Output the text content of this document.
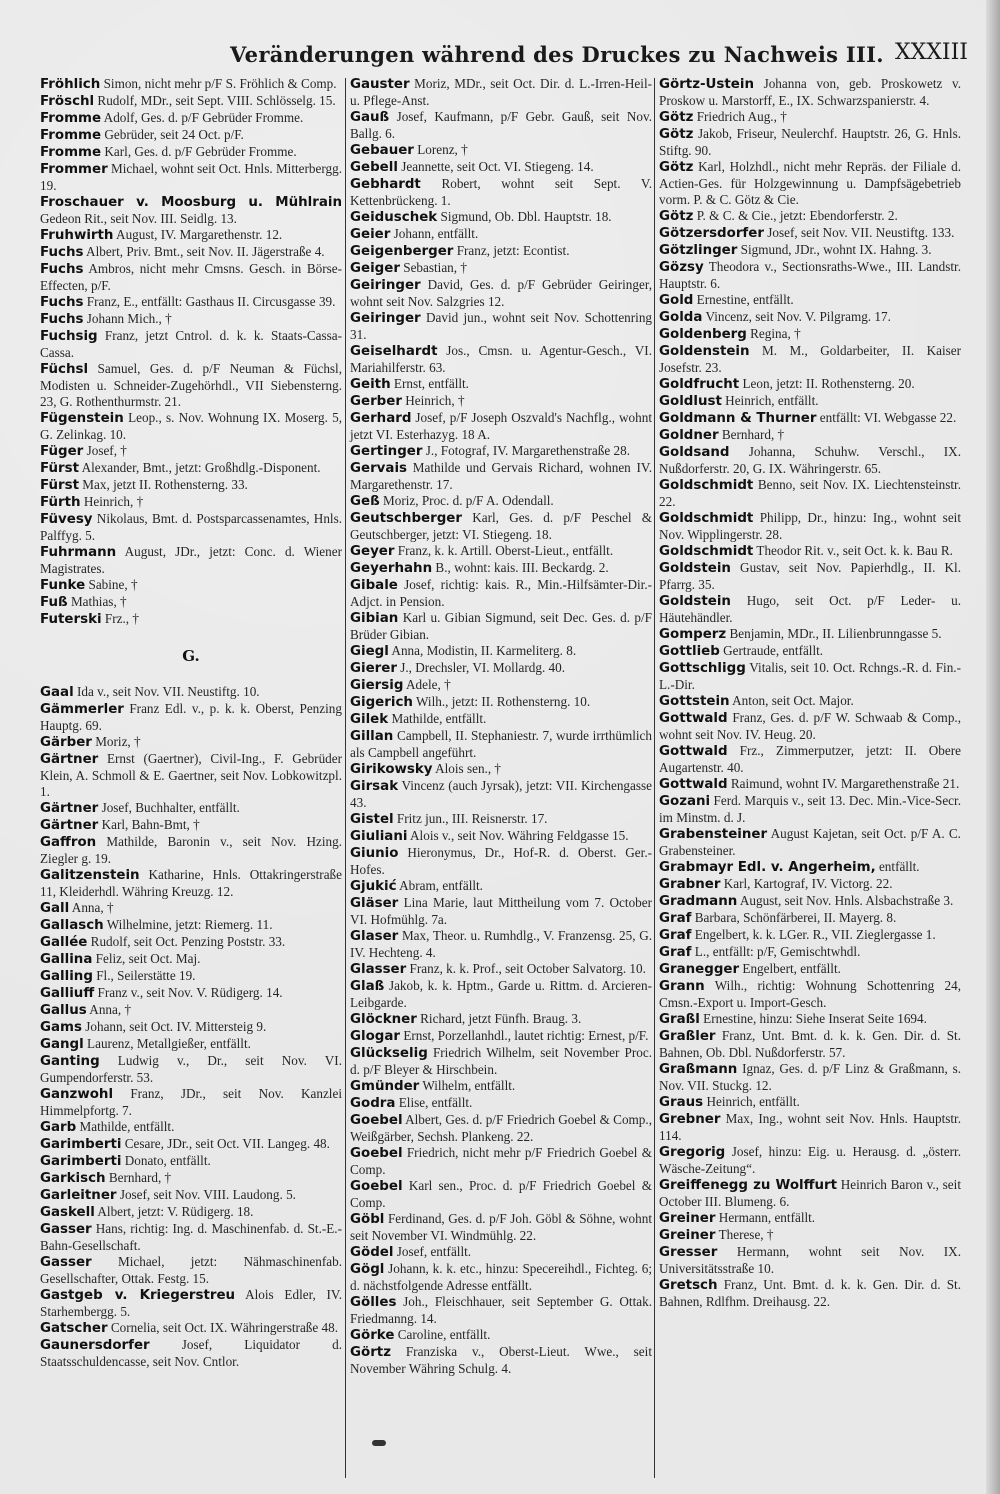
Veränderungen während des Druckes zu Nachweis III. XXXIII
Fröhlich Simon, nicht mehr p/F S. Fröhlich & Comp.
Fröschl Rudolf, MDr., seit Sept. VIII. Schlösselg. 15.
Fromme Adolf, Ges. d. p/F Gebrüder Fromme.
Fromme Gebrüder, seit 24 Oct. p/F.
Fromme Karl, Ges. d. p/F Gebrüder Fromme.
Frommer Michael, wohnt seit Oct. Hnls. Mitterbergg. 19.
Froschauer v. Moosburg u. Mühlrain Gedeon Rit., seit Nov. III. Seidlg. 13.
Fruhwirth August, IV. Margarethenstr. 12.
Fuchs Albert, Priv. Bmt., seit Nov. II. Jägerstraße 4.
Fuchs Ambros, nicht mehr Cmsns. Gesch. in Börse-Effecten, p/F.
Fuchs Franz, E., entfällt: Gasthaus II. Circusgasse 39.
Fuchs Johann Mich., †
Fuchsig Franz, jetzt Cntrol. d. k. k. Staats-Cassa-Cassa.
Füchsl Samuel, Ges. d. p/F Neuman & Füchsl, Modisten u. Schneider-Zugehörhdl., VII Siebensterng. 23, G. Rothenthurmstr. 21.
Fügenstein Leop., s. Nov. Wohnung IX. Moserg. 5, G. Zelinkag. 10.
Füger Josef, †
Fürst Alexander, Bmt., jetzt: Großhdlg.-Disponent.
Fürst Max, jetzt II. Rothensterng. 33.
Fürth Heinrich, †
Füvesy Nikolaus, Bmt. d. Postsparcassenamtes, Hnls. Palffyg. 5.
Fuhrmann August, JDr., jetzt: Conc. d. Wiener Magistrates.
Funke Sabine, †
Fuß Mathias, †
Futerski Frz., †
G.
Gaal Ida v., seit Nov. VII. Neustiftg. 10.
Gämmerler Franz Edl. v., p. k. k. Oberst, Penzing Hauptg. 69.
Gärber Moriz, †
Gärtner Ernst (Gaertner), Civil-Ing., F. Gebrüder Klein, A. Schmoll & E. Gaertner, seit Nov. Lobkowitzpl. 1.
Gärtner Josef, Buchhalter, entfällt.
Gärtner Karl, Bahn-Bmt, †
Gaffron Mathilde, Baronin v., seit Nov. Hzing. Ziegler g. 19.
Galitzenstein Katharine, Hnls. Ottakringerstraße 11, Kleiderhdl. Währing Kreuzg. 12.
Gall Anna, †
Gallasch Wilhelmine, jetzt: Riemerg. 11.
Gallée Rudolf, seit Oct. Penzing Poststr. 33.
Gallina Feliz, seit Oct. Maj.
Galling Fl., Seilerstätte 19.
Galliuff Franz v., seit Nov. V. Rüdigerg. 14.
Gallus Anna, †
Gams Johann, seit Oct. IV. Mittersteig 9.
Gangl Laurenz, Metallgießer, entfällt.
Ganting Ludwig v., Dr., seit Nov. VI. Gumpendorferstr. 53.
Ganzwohl Franz, JDr., seit Nov. Kanzlei Himmelpfortg. 7.
Garb Mathilde, entfällt.
Garimberti Cesare, JDr., seit Oct. VII. Langeg. 48.
Garimberti Donato, entfällt.
Garkisch Bernhard, †
Garleitner Josef, seit Nov. VIII. Laudong. 5.
Gaskell Albert, jetzt: V. Rüdigerg. 18.
Gasser Hans, richtig: Ing. d. Maschinenfab. d. St.-E.-Bahn-Gesellschaft.
Gasser Michael, jetzt: Nähmaschinenfab. Gesellschafter, Ottak. Festg. 15.
Gastgeb v. Kriegerstreu Alois Edler, IV. Starhembergg. 5.
Gatscher Cornelia, seit Oct. IX. Währingerstraße 48.
Gaunersdorfer Josef, Liquidator d. Staatsschuldencasse, seit Nov. Cntlor.
Gauster Moriz, MDr., seit Oct. Dir. d. L.-Irren-Heil- u. Pflege-Anst.
Gauß Josef, Kaufmann, p/F Gebr. Gauß, seit Nov. Ballg. 6.
Gebauer Lorenz, †
Gebell Jeannette, seit Oct. VI. Stiegeng. 14.
Gebhardt Robert, wohnt seit Sept. V. Kettenbrückeng. 1.
Geiduschek Sigmund, Ob. Dbl. Hauptstr. 18.
Geier Johann, entfällt.
Geigenberger Franz, jetzt: Econtist.
Geiger Sebastian, †
Geiringer David, Ges. d. p/F Gebrüder Geiringer, wohnt seit Nov. Salzgries 12.
Geiringer David jun., wohnt seit Nov. Schottenring 31.
Geiselhardt Jos., Cmsn. u. Agentur-Gesch., VI. Mariahilferstr. 63.
Geith Ernst, entfällt.
Gerber Heinrich, †
Gerhard Josef, p/F Joseph Oszvald's Nachflg., wohnt jetzt VI. Esterhazyg. 18 A.
Gertinger J., Fotograf, IV. Margarethenstraße 28.
Gervais Mathilde und Gervais Richard, wohnen IV. Margarethenstr. 17.
Geß Moriz, Proc. d. p/F A. Odendall.
Geutschberger Karl, Ges. d. p/F Peschel & Geutschberger, jetzt: VI. Stiegeng. 18.
Geyer Franz, k. k. Artill. Oberst-Lieut., entfällt.
Geyerhahn B., wohnt: kais. III. Beckardg. 2.
Gibale Josef, richtig: kais. R., Min.-Hilfsämter-Dir.-Adjct. in Pension.
Gibian Karl u. Gibian Sigmund, seit Dec. Ges. d. p/F Brüder Gibian.
Giegl Anna, Modistin, II. Karmeliterg. 8.
Gierer J., Drechsler, VI. Mollardg. 40.
Giersig Adele, †
Gigerich Wilh., jetzt: II. Rothensterng. 10.
Gilek Mathilde, entfällt.
Gillan Campbell, II. Stephaniestr. 7, wurde irrthümlich als Campbell angeführt.
Girikowsky Alois sen., †
Girsak Vincenz (auch Jyrsak), jetzt: VII. Kirchengasse 43.
Gistel Fritz jun., III. Reisnerstr. 17.
Giuliani Alois v., seit Nov. Währing Feldgasse 15.
Giunio Hieronymus, Dr., Hof-R. d. Oberst. Ger.-Hofes.
Gjukić Abram, entfällt.
Gläser Lina Marie, laut Mittheilung vom 7. October VI. Hofmühlg. 7a.
Glaser Max, Theor. u. Rumhdlg., V. Franzensg. 25, G. IV. Hechteng. 4.
Glasser Franz, k. k. Prof., seit October Salvatorg. 10.
Glaß Jakob, k. k. Hptm., Garde u. Rittm. d. Arcieren-Leibgarde.
Glöckner Richard, jetzt Fünfh. Braug. 3.
Glogar Ernst, Porzellanhdl., lautet richtig: Ernest, p/F.
Glückselig Friedrich Wilhelm, seit November Proc. d. p/F Bleyer & Hirschbein.
Gmünder Wilhelm, entfällt.
Godra Elise, entfällt.
Goebel Albert, Ges. d. p/F Friedrich Goebel & Comp., Weißgärber, Sechsh. Plankeng. 22.
Goebel Friedrich, nicht mehr p/F Friedrich Goebel & Comp.
Goebel Karl sen., Proc. d. p/F Friedrich Goebel & Comp.
Göbl Ferdinand, Ges. d. p/F Joh. Göbl & Söhne, wohnt seit November VI. Windmühlg. 22.
Gödel Josef, entfällt.
Gögl Johann, k. k. etc., hinzu: Specereihdl., Fichteg. 6; d. nächstfolgende Adresse entfällt.
Gölles Joh., Fleischhauer, seit September G. Ottak. Friedmanng. 14.
Görke Caroline, entfällt.
Görtz Franziska v., Oberst-Lieut. Wwe., seit November Währing Schulg. 4.
Görtz-Ustein Johanna von, geb. Proskowetz v. Proskow u. Marstorff, E., IX. Schwarzspanierstr. 4.
Götz Friedrich Aug., †
Götz Jakob, Friseur, Neulerchf. Hauptstr. 26, G. Hnls. Stiftg. 90.
Götz Karl, Holzhdl., nicht mehr Repräs. der Filiale d. Actien-Ges. für Holzgewinnung u. Dampfsägebetrieb vorm. P. & C. Götz & Cie.
Götz P. & C. & Cie., jetzt: Ebendorferstr. 2.
Götzersdorfer Josef, seit Nov. VII. Neustiftg. 133.
Götzlinger Sigmund, JDr., wohnt IX. Hahng. 3.
Gözsy Theodora v., Sectionsraths-Wwe., III. Landstr. Hauptstr. 6.
Gold Ernestine, entfällt.
Golda Vincenz, seit Nov. V. Pilgramg. 17.
Goldenberg Regina, †
Goldenstein M. M., Goldarbeiter, II. Kaiser Josefstr. 23.
Goldfrucht Leon, jetzt: II. Rothensterng. 20.
Goldlust Heinrich, entfällt.
Goldmann & Thurner entfällt: VI. Webgasse 22.
Goldner Bernhard, †
Goldsand Johanna, Schuhw. Verschl., IX. Nußdorferstr. 20, G. IX. Währingerstr. 65.
Goldschmidt Benno, seit Nov. IX. Liechtensteinstr. 22.
Goldschmidt Philipp, Dr., hinzu: Ing., wohnt seit Nov. Wipplingerstr. 28.
Goldschmidt Theodor Rit. v., seit Oct. k. k. Bau R.
Goldstein Gustav, seit Nov. Papierhdlg., II. Kl. Pfarrg. 35.
Goldstein Hugo, seit Oct. p/F Leder- u. Häutehändler.
Gomperz Benjamin, MDr., II. Lilienbrunngasse 5.
Gottlieb Gertraude, entfällt.
Gottschligg Vitalis, seit 10. Oct. Rchngs.-R. d. Fin.-L.-Dir.
Gottstein Anton, seit Oct. Major.
Gottwald Franz, Ges. d. p/F W. Schwaab & Comp., wohnt seit Nov. IV. Heug. 20.
Gottwald Frz., Zimmerputzer, jetzt: II. Obere Augartenstr. 40.
Gottwald Raimund, wohnt IV. Margarethenstraße 21.
Gozani Ferd. Marquis v., seit 13. Dec. Min.-Vice-Secr. im Minstm. d. J.
Grabensteiner August Kajetan, seit Oct. p/F A. C. Grabensteiner.
Grabmayr Edl. v. Angerheim, entfällt.
Grabner Karl, Kartograf, IV. Victorg. 22.
Gradmann August, seit Nov. Hnls. Alsbachstraße 3.
Graf Barbara, Schönfärberei, II. Mayerg. 8.
Graf Engelbert, k. k. LGer. R., VII. Zieglergasse 1.
Graf L., entfällt: p/F, Gemischtwhdl.
Granegger Engelbert, entfällt.
Grann Wilh., richtig: Wohnung Schottenring 24, Cmsn.-Export u. Import-Gesch.
Graßl Ernestine, hinzu: Siehe Inserat Seite 1694.
Graßler Franz, Unt. Bmt. d. k. k. Gen. Dir. d. St. Bahnen, Ob. Dbl. Nußdorferstr. 57.
Graßmann Ignaz, Ges. d. p/F Linz & Graßmann, s. Nov. VII. Stuckg. 12.
Graus Heinrich, entfällt.
Grebner Max, Ing., wohnt seit Nov. Hnls. Hauptstr. 114.
Gregorig Josef, hinzu: Eig. u. Herausg. d. „österr. Wäsche-Zeitung“.
Greiffenegg zu Wolffurt Heinrich Baron v., seit October III. Blumeng. 6.
Greiner Hermann, entfällt.
Greiner Therese, †
Gresser Hermann, wohnt seit Nov. IX. Universitätsstraße 10.
Gretsch Franz, Unt. Bmt. d. k. k. Gen. Dir. d. St. Bahnen, Rdlfhm. Dreihausg. 22.
